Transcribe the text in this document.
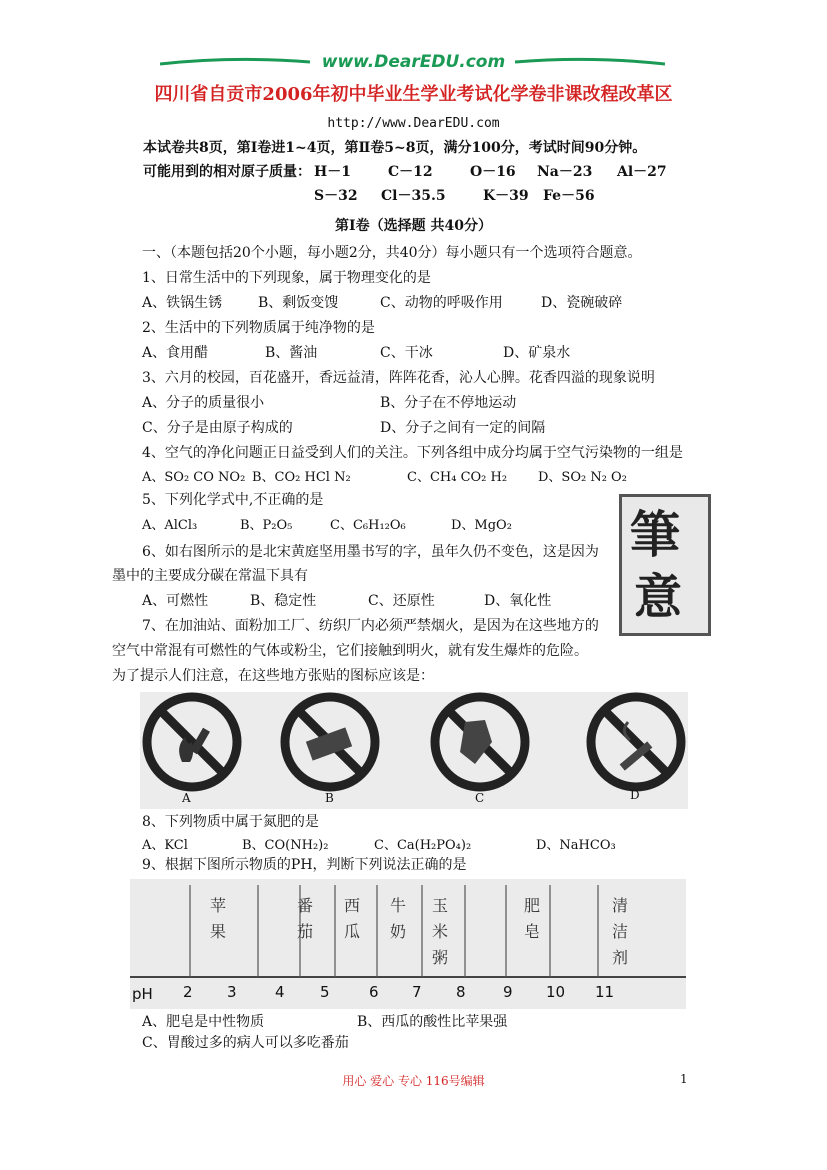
www.DearEDU.com
四川省自贡市2006年初中毕业生学业考试化学卷非课改程改革区
http://www.DearEDU.com
本试卷共8页，第Ⅰ卷进1~4页，第Ⅱ卷5~8页，满分100分，考试时间90分钟。
可能用到的相对原子质量： H－1	C－12	O－16 Na－23 Al－27
S－32 Cl－35.5	K－39 Fe－56
第Ⅰ卷（选择题 共40分）
一、（本题包括20个小题，每小题2分，共40分）每小题只有一个选项符合题意。
1、日常生活中的下列现象，属于物理变化的是
A、铁锅生锈	B、剩饭变馊	C、动物的呼吸作用	D、瓷碗破碎
2、生活中的下列物质属于纯净物的是
A、食用醋	B、酱油	C、干冰	D、矿泉水
3、六月的校园，百花盛开，香远益清，阵阵花香，沁人心脾。花香四溢的现象说明
A、分子的质量很小	B、分子在不停地运动
C、分子是由原子构成的	D、分子之间有一定的间隔
4、空气的净化问题正日益受到人们的关注。下列各组中成分均属于空气污染物的一组是
A、SO₂ CO NO₂ B、CO₂ HCl N₂	C、CH₄ CO₂ H₂ D、SO₂ N₂ O₂
5、下列化学式中,不正确的是
A、AlCl₃	B、P₂O₅	C、C₆H₁₂O₆	D、MgO₂ 筆
意
6、如右图所示的是北宋黄庭坚用墨书写的字，虽年久仍不变色，这是因为
墨中的主要成分碳在常温下具有
A、可燃性	B、稳定性	C、还原性	D、氧化性
7、在加油站、面粉加工厂、纺织厂内必须严禁烟火，是因为在这些地方的
空气中常混有可燃性的气体或粉尘，它们接触到明火，就有发生爆炸的危险。
为了提示人们注意，在这些地方张贴的图标应该是：
A	B	C	D
8、下列物质中属于氮肥的是
A、KCl	B、CO(NH₂)₂	C、Ca(H₂PO₄)₂	D、NaHCO₃
9、根据下图所示物质的PH，判断下列说法正确的是
pH 2 3	4 5	6 7 8 9 10 11
苹
果
番
茄
西
瓜
牛
奶
玉
米
粥
肥
皂
清
洁
剂
A、肥皂是中性物质	B、西瓜的酸性比苹果强
C、胃酸过多的病人可以多吃番茄
用心 爱心 专心 116号编辑	1
